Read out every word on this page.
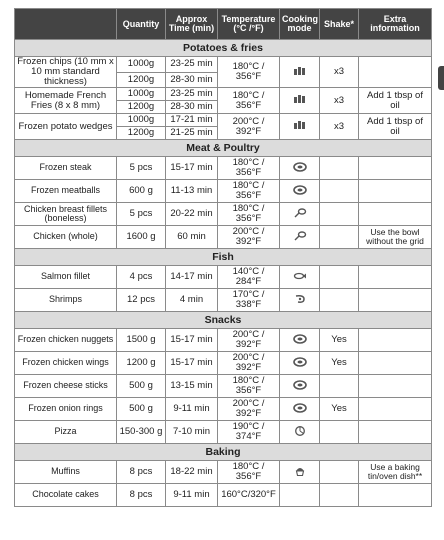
	Quantity	Approx Time (min)	Temperature (°C /°F)	Cooking mode	Shake*	Extra information
Potatoes & fries						
Frozen chips (10 mm x 10 mm standard thickness)	1000g	23-25 min	180°C / 356°F		x3	
	1200g	28-30 min				
Homemade French Fries (8 x 8 mm)	1000g	23-25 min	180°C / 356°F		x3	Add 1 tbsp of oil
	1200g	28-30 min				
Frozen potato wedges	1000g	17-21 min	200°C / 392°F		x3	Add 1 tbsp of oil
	1200g	21-25 min				
Meat & Poultry						
Frozen steak	5 pcs	15-17 min	180°C / 356°F			
Frozen meatballs	600 g	11-13 min	180°C / 356°F			
Chicken breast fillets (boneless)	5 pcs	20-22 min	180°C / 356°F			
Chicken (whole)	1600 g	60 min	200°C / 392°F			Use the bowl without the grid
Fish						
Salmon fillet	4 pcs	14-17 min	140°C / 284°F			
Shrimps	12 pcs	4 min	170°C / 338°F			
Snacks						
Frozen chicken nuggets	1500 g	15-17 min	200°C / 392°F		Yes	
Frozen chicken wings	1200 g	15-17 min	200°C / 392°F		Yes	
Frozen cheese sticks	500 g	13-15 min	180°C / 356°F			
Frozen onion rings	500 g	9-11 min	200°C / 392°F		Yes	
Pizza	150-300 g	7-10 min	190°C / 374°F			
Baking						
Muffins	8 pcs	18-22 min	180°C / 356°F			Use a baking tin/oven dish**
Chocolate cakes	8 pcs	9-11 min	160°C/320°F			
